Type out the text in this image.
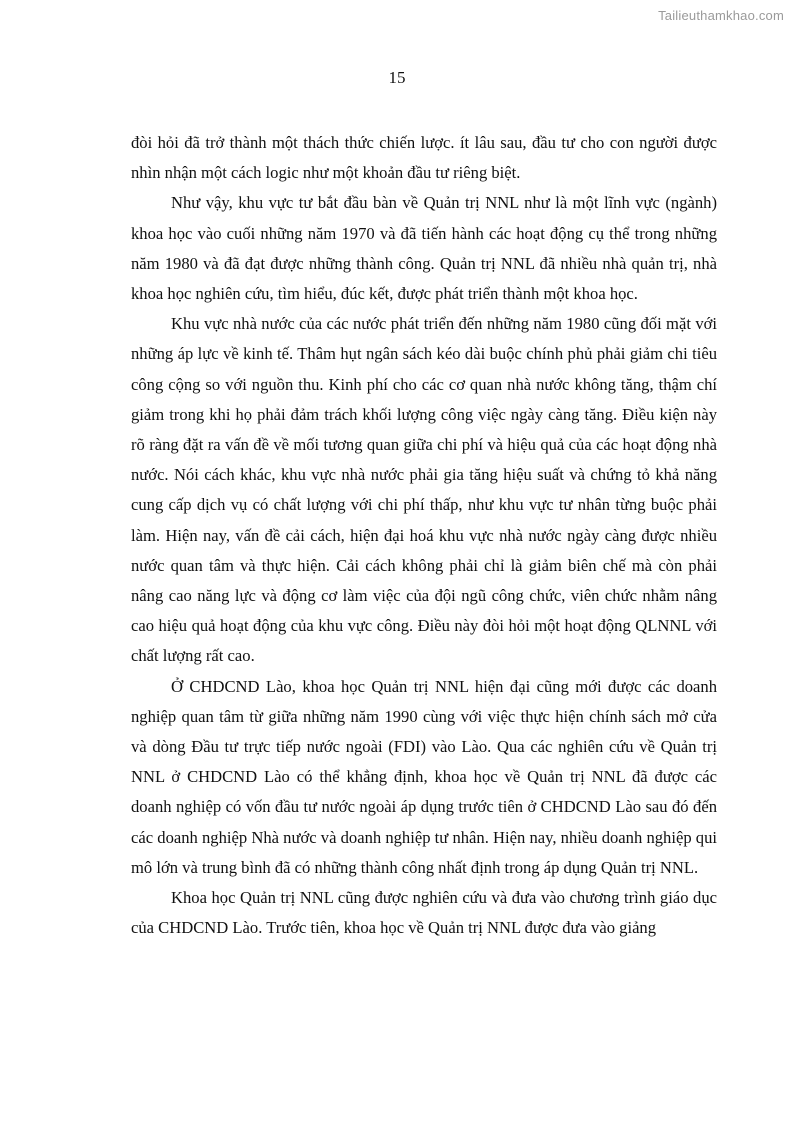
Tailieuthamkhao.com
15

đòi hỏi đã trở thành một thách thức chiến lược. ít lâu sau, đầu tư cho con người được nhìn nhận một cách logic như một khoản đầu tư riêng biệt.

Như vậy, khu vực tư bắt đầu bàn về Quản trị NNL như là một lĩnh vực (ngành) khoa học vào cuối những năm 1970 và đã tiến hành các hoạt động cụ thể trong những năm 1980 và đã đạt được những thành công. Quản trị NNL đã nhiều nhà quản trị, nhà khoa học nghiên cứu, tìm hiểu, đúc kết, được phát triển thành một khoa học.

Khu vực nhà nước của các nước phát triển đến những năm 1980 cũng đối mặt với những áp lực về kinh tế. Thâm hụt ngân sách kéo dài buộc chính phủ phải giảm chi tiêu công cộng so với nguồn thu. Kinh phí cho các cơ quan nhà nước không tăng, thậm chí giảm trong khi họ phải đảm trách khối lượng công việc ngày càng tăng. Điều kiện này rõ ràng đặt ra vấn đề về mối tương quan giữa chi phí và hiệu quả của các hoạt động nhà nước. Nói cách khác, khu vực nhà nước phải gia tăng hiệu suất và chứng tỏ khả năng cung cấp dịch vụ có chất lượng với chi phí thấp, như khu vực tư nhân từng buộc phải làm. Hiện nay, vấn đề cải cách, hiện đại hoá khu vực nhà nước ngày càng được nhiều nước quan tâm và thực hiện. Cải cách không phải chỉ là giảm biên chế mà còn phải nâng cao năng lực và động cơ làm việc của đội ngũ công chức, viên chức nhằm nâng cao hiệu quả hoạt động của khu vực công. Điều này đòi hỏi một hoạt động QLNNL với chất lượng rất cao.

Ở CHDCND Lào, khoa học Quản trị NNL hiện đại cũng mới được các doanh nghiệp quan tâm từ giữa những năm 1990 cùng với việc thực hiện chính sách mở cửa và dòng Đầu tư trực tiếp nước ngoài (FDI) vào Lào. Qua các nghiên cứu về Quản trị NNL ở CHDCND Lào có thể khẳng định, khoa học về Quản trị NNL đã được các doanh nghiệp có vốn đầu tư nước ngoài áp dụng trước tiên ở CHDCND Lào sau đó đến các doanh nghiệp Nhà nước và doanh nghiệp tư nhân. Hiện nay, nhiều doanh nghiệp qui mô lớn và trung bình đã có những thành công nhất định trong áp dụng Quản trị NNL.

Khoa học Quản trị NNL cũng được nghiên cứu và đưa vào chương trình giáo dục của CHDCND Lào. Trước tiên, khoa học về Quản trị NNL được đưa vào giảng
